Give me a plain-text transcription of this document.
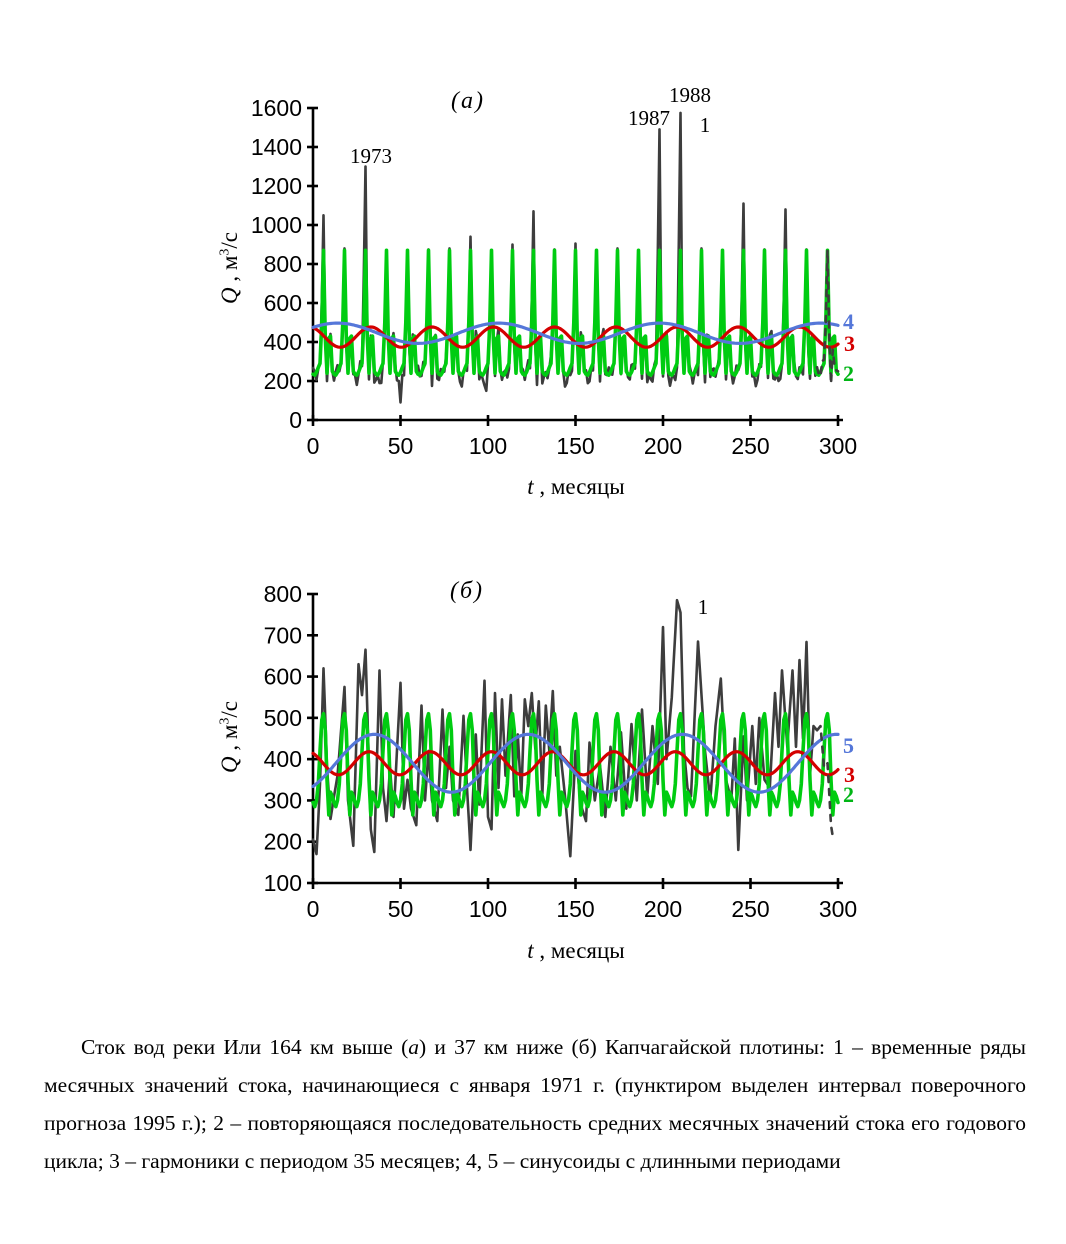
0	50 100 150 200 250 300
0
200
400
600
800
1000
1200
1400
1600
0	50 100 150 200 250 300
100
200
300
400
500
600
700
800
(а)
1973
1987
1988
1
4
3
2
Q , $м^3/с$
t , месяцы
(б)
1
5
3
2
Q , $м^3/с$
t , месяцы
Сток вод реки Или 164 км выше (а) и 37 км ниже (б) Капчагайской плотины: 1 – временные ряды месячных значений стока, начинающиеся с января 1971 г. (пунктиром выделен интервал поверочного прогноза 1995 г.); 2 – повторяющаяся последовательность средних месячных значений стока его годового цикла; 3 – гармоники с периодом 35 месяцев; 4, 5 – синусоиды с длинными периодами
